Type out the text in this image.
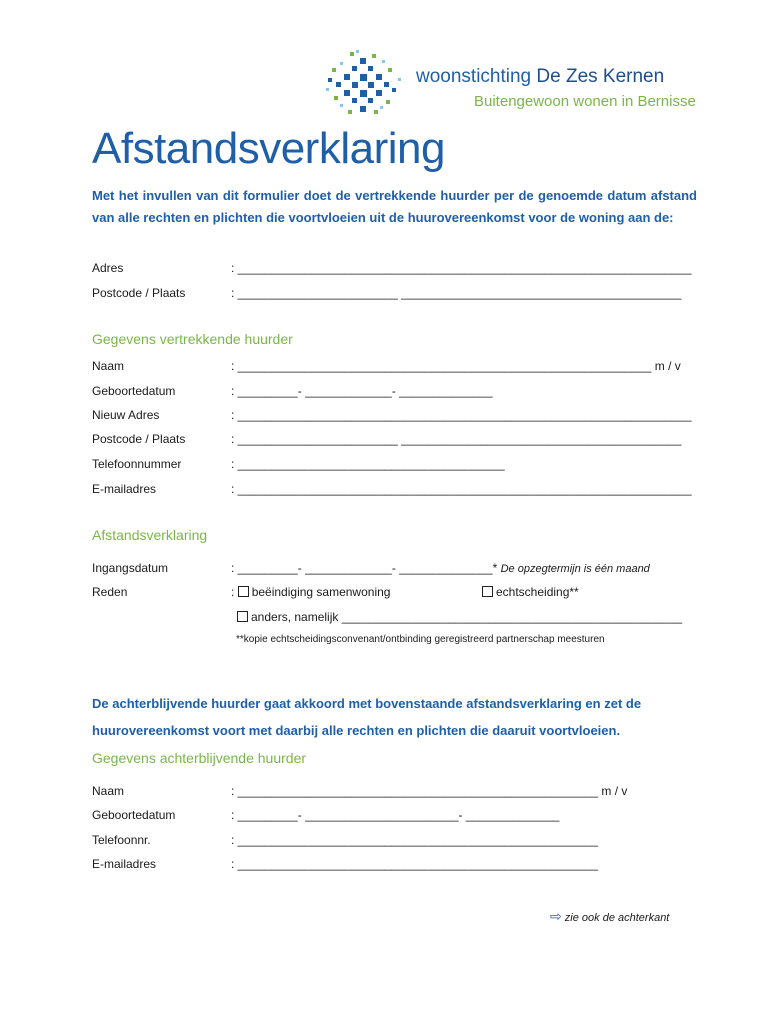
woonstichting De Zes Kernen
Buitengewoon wonen in Bernisse
Afstandsverklaring
Met het invullen van dit formulier doet de vertrekkende huurder per de genoemde datum afstand van alle rechten en plichten die voortvloeien uit de huurovereenkomst voor de woning aan de:
Adres	: ____________________________________________________________________
Postcode / Plaats	: ________________________ __________________________________________
Gegevens vertrekkende huurder
Naam	: ______________________________________________________________ m / v
Geboortedatum	: _________- _____________- ______________
Nieuw Adres	: ____________________________________________________________________
Postcode / Plaats	: ________________________ __________________________________________
Telefoonnummer	: ________________________________________
E-mailadres	: ____________________________________________________________________
Afstandsverklaring
Ingangsdatum	: _________- _____________- ______________* De opzegtermijn is één maand
Reden	: beëindiging samenwoning	echtscheiding**
anders, namelijk ___________________________________________________
**kopie echtscheidingsconvenant/ontbinding geregistreerd partnerschap meesturen
De achterblijvende huurder gaat akkoord met bovenstaande afstandsverklaring en zet de
huurovereenkomst voort met daarbij alle rechten en plichten die daaruit voortvloeien.
Gegevens achterblijvende huurder
Naam	: ______________________________________________________ m / v
Geboortedatum	: _________- _______________________- ______________
Telefoonnr.	: ______________________________________________________
E-mailadres	: ______________________________________________________
⇨ zie ook de achterkant
